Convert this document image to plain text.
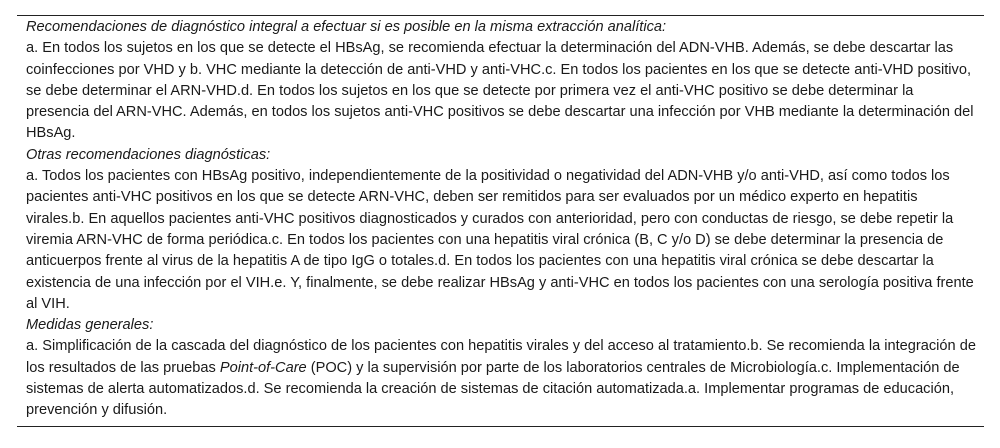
Recomendaciones de diagnóstico integral a efectuar si es posible en la misma extracción analítica:
a. En todos los sujetos en los que se detecte el HBsAg, se recomienda efectuar la determinación del ADN-VHB. Además, se debe descartar las coinfecciones por VHD y b. VHC mediante la detección de anti-VHD y anti-VHC.c. En todos los pacientes en los que se detecte anti-VHD positivo, se debe determinar el ARN-VHD.d. En todos los sujetos en los que se detecte por primera vez el anti-VHC positivo se debe determinar la presencia del ARN-VHC. Además, en todos los sujetos anti-VHC positivos se debe descartar una infección por VHB mediante la determinación del HBsAg.
Otras recomendaciones diagnósticas:
a. Todos los pacientes con HBsAg positivo, independientemente de la positividad o negatividad del ADN-VHB y/o anti-VHD, así como todos los pacientes anti-VHC positivos en los que se detecte ARN-VHC, deben ser remitidos para ser evaluados por un médico experto en hepatitis virales.b. En aquellos pacientes anti-VHC positivos diagnosticados y curados con anterioridad, pero con conductas de riesgo, se debe repetir la viremia ARN-VHC de forma periódica.c. En todos los pacientes con una hepatitis viral crónica (B, C y/o D) se debe determinar la presencia de anticuerpos frente al virus de la hepatitis A de tipo IgG o totales.d. En todos los pacientes con una hepatitis viral crónica se debe descartar la existencia de una infección por el VIH.e. Y, finalmente, se debe realizar HBsAg y anti-VHC en todos los pacientes con una serología positiva frente al VIH.
Medidas generales:
a. Simplificación de la cascada del diagnóstico de los pacientes con hepatitis virales y del acceso al tratamiento.b. Se recomienda la integración de los resultados de las pruebas Point-of-Care (POC) y la supervisión por parte de los laboratorios centrales de Microbiología.c. Implementación de sistemas de alerta automatizados.d. Se recomienda la creación de sistemas de citación automatizada.a. Implementar programas de educación, prevención y difusión.
